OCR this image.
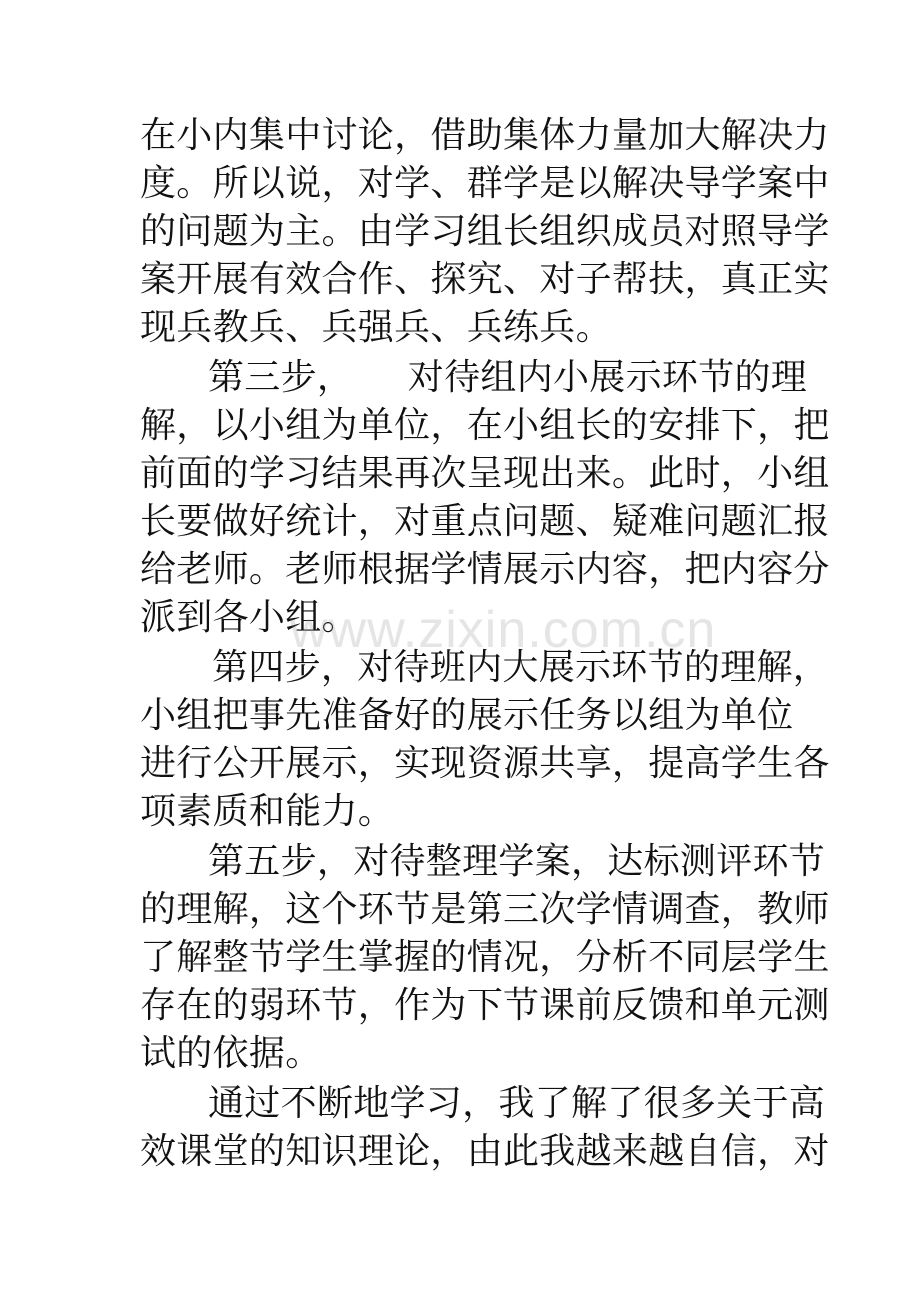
在小内集中讨论，借助集体力量加大解决力
度。所以说，对学、群学是以解决导学案中
的问题为主。由学习组长组织成员对照导学
案开展有效合作、探究、对子帮扶，真正实
现兵教兵、兵强兵、兵练兵。
第三步，　　对待组内小展示环节的理
解，以小组为单位，在小组长的安排下，把
前面的学习结果再次呈现出来。此时，小组
长要做好统计，对重点问题、疑难问题汇报
给老师。老师根据学情展示内容，把内容分
派到各小组。
第四步，对待班内大展示环节的理解，
小组把事先准备好的展示任务以组为单位
进行公开展示，实现资源共享，提高学生各
项素质和能力。
第五步，对待整理学案，达标测评环节
的理解，这个环节是第三次学情调查，教师
了解整节学生掌握的情况，分析不同层学生
存在的弱环节，作为下节课前反馈和单元测
试的依据。
通过不断地学习，我了解了很多关于高
效课堂的知识理论，由此我越来越自信，对
www.zixin.com.cn
